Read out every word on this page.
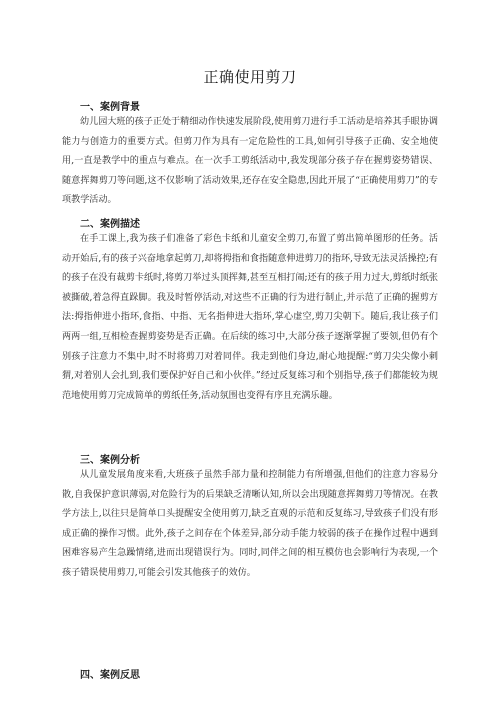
正确使用剪刀
一、案例背景

幼儿园大班的孩子正处于精细动作快速发展阶段,使用剪刀进行手工活动是培养其手眼协调能力与创造力的重要方式。但剪刀作为具有一定危险性的工具,如何引导孩子正确、安全地使用,一直是教学中的重点与难点。在一次手工剪纸活动中,我发现部分孩子存在握剪姿势错误、随意挥舞剪刀等问题,这不仅影响了活动效果,还存在安全隐患,因此开展了“正确使用剪刀”的专项教学活动。

二、案例描述

在手工课上,我为孩子们准备了彩色卡纸和儿童安全剪刀,布置了剪出简单图形的任务。活动开始后,有的孩子兴奋地拿起剪刀,却将拇指和食指随意伸进剪刀的指环,导致无法灵活操控;有的孩子在没有裁剪卡纸时,将剪刀举过头顶挥舞,甚至互相打闹;还有的孩子用力过大,剪纸时纸张被撕破,着急得直跺脚。我及时暂停活动,对这些不正确的行为进行制止,并示范了正确的握剪方法:拇指伸进小指环,食指、中指、无名指伸进大指环,掌心虚空,剪刀尖朝下。随后,我让孩子们两两一组,互相检查握剪姿势是否正确。在后续的练习中,大部分孩子逐渐掌握了要领,但仍有个别孩子注意力不集中,时不时将剪刀对着同伴。我走到他们身边,耐心地提醒:“剪刀尖尖像小刺猬,对着别人会扎到,我们要保护好自己和小伙伴。”经过反复练习和个别指导,孩子们都能较为规范地使用剪刀完成简单的剪纸任务,活动氛围也变得有序且充满乐趣。

三、案例分析

从儿童发展角度来看,大班孩子虽然手部力量和控制能力有所增强,但他们的注意力容易分散,自我保护意识薄弱,对危险行为的后果缺乏清晰认知,所以会出现随意挥舞剪刀等情况。在教学方法上,以往只是简单口头提醒安全使用剪刀,缺乏直观的示范和反复练习,导致孩子们没有形成正确的操作习惯。此外,孩子之间存在个体差异,部分动手能力较弱的孩子在操作过程中遇到困难容易产生急躁情绪,进而出现错误行为。同时,同伴之间的相互模仿也会影响行为表现,一个孩子错误使用剪刀,可能会引发其他孩子的效仿。

四、案例反思
